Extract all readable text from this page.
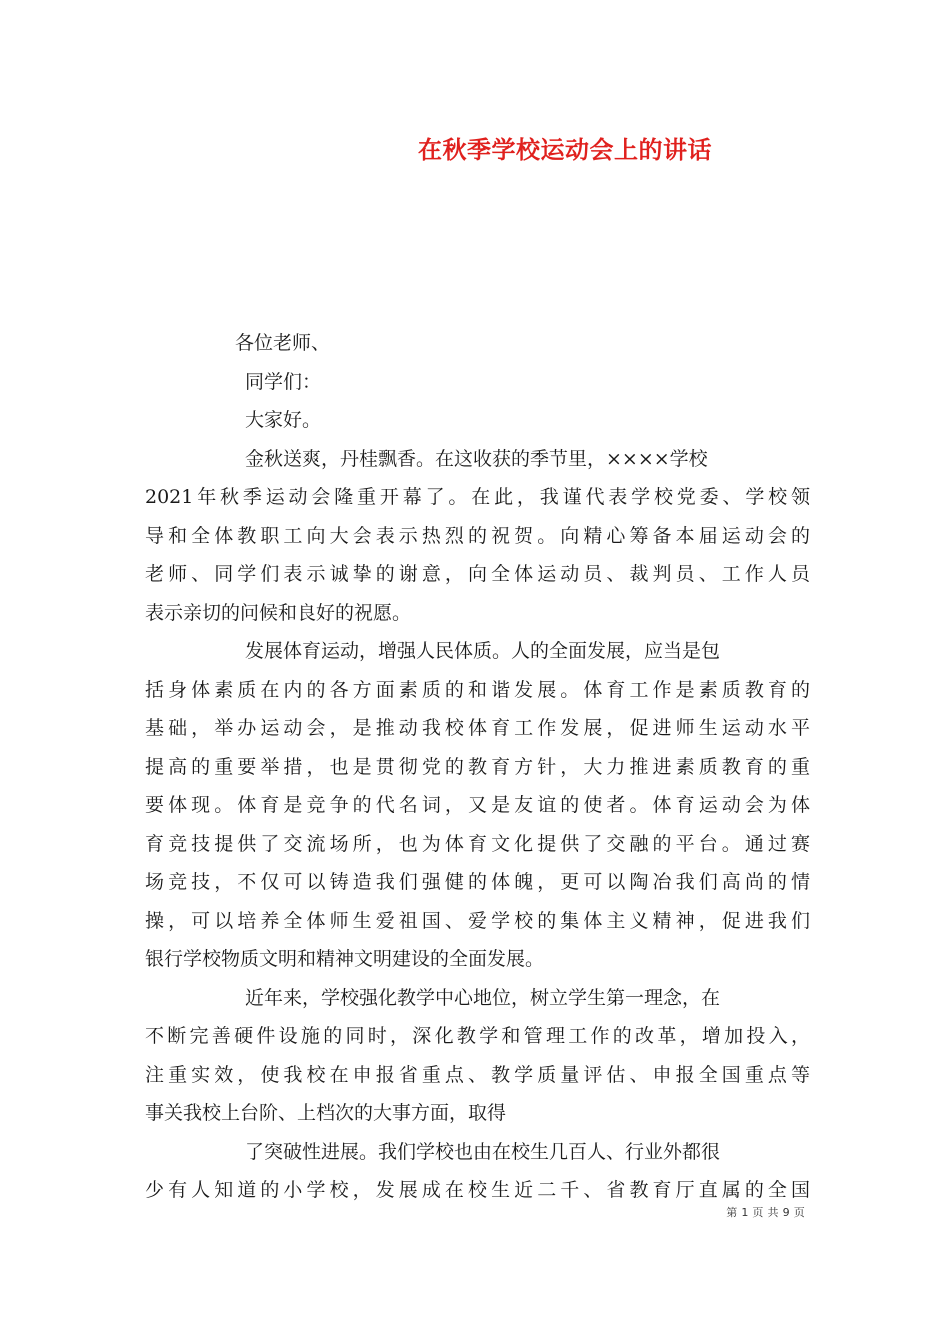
在秋季学校运动会上的讲话
各位老师、
同学们：
大家好。
金秋送爽，丹桂飘香。在这收获的季节里，××××学校
2021年秋季运动会隆重开幕了。在此，我谨代表学校党委、学校领
导和全体教职工向大会表示热烈的祝贺。向精心筹备本届运动会的
老师、同学们表示诚挚的谢意，向全体运动员、裁判员、工作人员
表示亲切的问候和良好的祝愿。
发展体育运动，增强人民体质。人的全面发展，应当是包
括身体素质在内的各方面素质的和谐发展。体育工作是素质教育的
基础，举办运动会，是推动我校体育工作发展，促进师生运动水平
提高的重要举措，也是贯彻党的教育方针，大力推进素质教育的重
要体现。体育是竞争的代名词，又是友谊的使者。体育运动会为体
育竞技提供了交流场所，也为体育文化提供了交融的平台。通过赛
场竞技，不仅可以铸造我们强健的体魄，更可以陶冶我们高尚的情
操，可以培养全体师生爱祖国、爱学校的集体主义精神，促进我们
银行学校物质文明和精神文明建设的全面发展。
近年来，学校强化教学中心地位，树立学生第一理念，在
不断完善硬件设施的同时，深化教学和管理工作的改革，增加投入，
注重实效，使我校在申报省重点、教学质量评估、申报全国重点等
事关我校上台阶、上档次的大事方面，取得
了突破性进展。我们学校也由在校生几百人、行业外都很
少有人知道的小学校，发展成在校生近二千、省教育厅直属的全国
第 1 页 共 9 页
